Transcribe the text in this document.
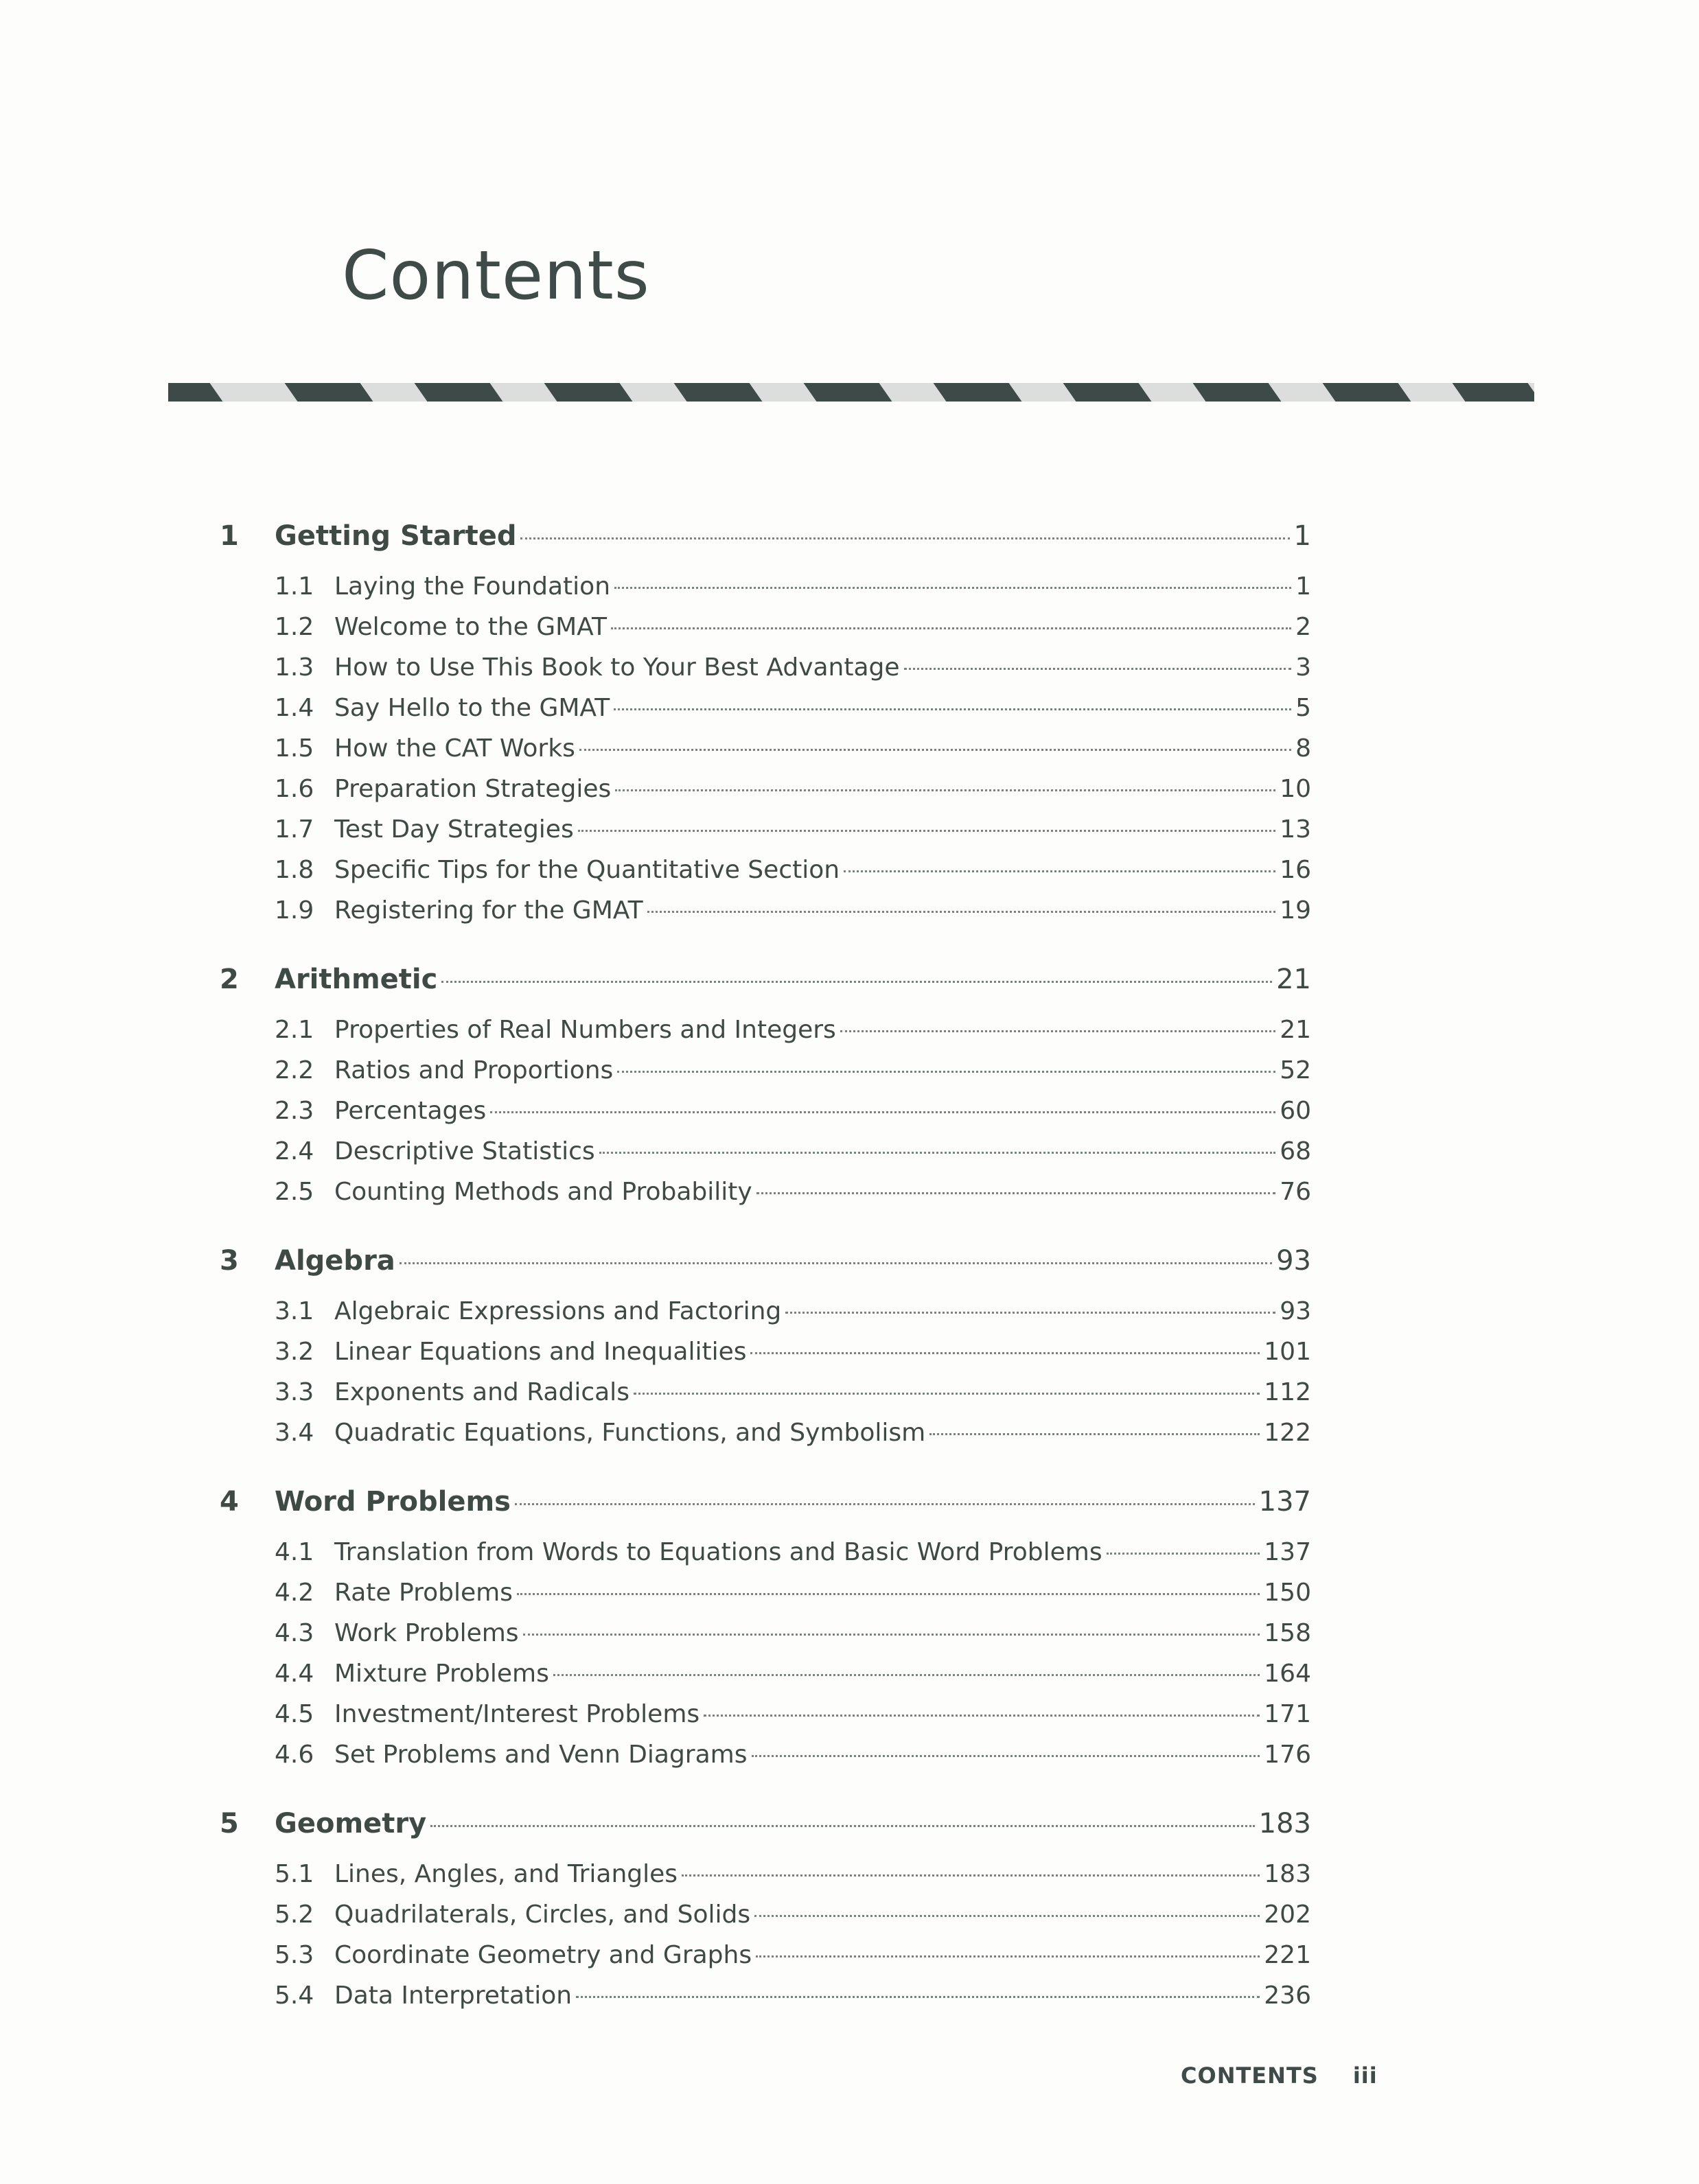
Contents
1	Getting Started	1
1.1 Laying the Foundation	1
1.2 Welcome to the GMAT	2
1.3 How to Use This Book to Your Best Advantage	3
1.4 Say Hello to the GMAT	5
1.5 How the CAT Works	8
1.6 Preparation Strategies	10
1.7 Test Day Strategies	13
1.8 Specific Tips for the Quantitative Section	16
1.9 Registering for the GMAT	19
2	Arithmetic	21
2.1 Properties of Real Numbers and Integers	21
2.2 Ratios and Proportions	52
2.3 Percentages	60
2.4 Descriptive Statistics	68
2.5 Counting Methods and Probability	76
3	Algebra	93
3.1 Algebraic Expressions and Factoring	93
3.2 Linear Equations and Inequalities	101
3.3 Exponents and Radicals	112
3.4 Quadratic Equations, Functions, and Symbolism	122
4	Word Problems	137
4.1 Translation from Words to Equations and Basic Word Problems	137
4.2 Rate Problems	150
4.3 Work Problems	158
4.4 Mixture Problems	164
4.5 Investment/Interest Problems	171
4.6 Set Problems and Venn Diagrams	176
5	Geometry	183
5.1 Lines, Angles, and Triangles	183
5.2 Quadrilaterals, Circles, and Solids	202
5.3 Coordinate Geometry and Graphs	221
5.4 Data Interpretation	236
CONTENTS iii
